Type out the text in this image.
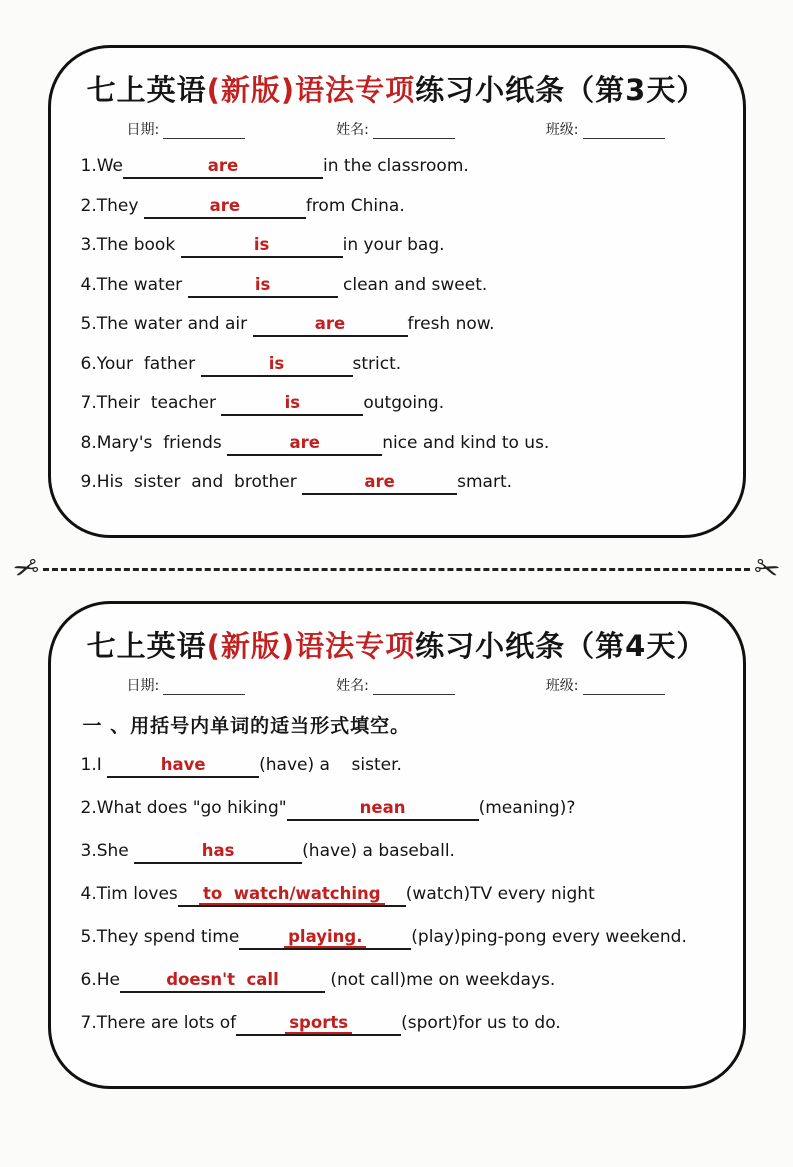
七上英语(新版)语法专项练习小纸条（第3天）
日期:	姓名:	班级:
1.We	are	in the classroom.
2.They	are	from China.
3.The book	is	in your bag.
4.The water	is	clean and sweet.
5.The water and air	are	fresh now.
6.Your  father	is	strict.
7.Their  teacher	is	outgoing.
8.Mary's  friends	are	nice and kind to us.
9.His  sister  and  brother	are	smart.
✂	✂
七上英语(新版)语法专项练习小纸条（第4天）
日期:	姓名:	班级:
一 、用括号内单词的适当形式填空。
1.I	have	(have) a    sister.
2.What does "go hiking"	nean	(meaning)?
3.She	has	(have) a baseball.
4.Tim loves to  watch/watching (watch)TV every night
5.They spend time	playing.	(play)ping-pong every weekend.
6.He	doesn't  call	(not call)me on weekdays.
7.There are lots of	sports	(sport)for us to do.
